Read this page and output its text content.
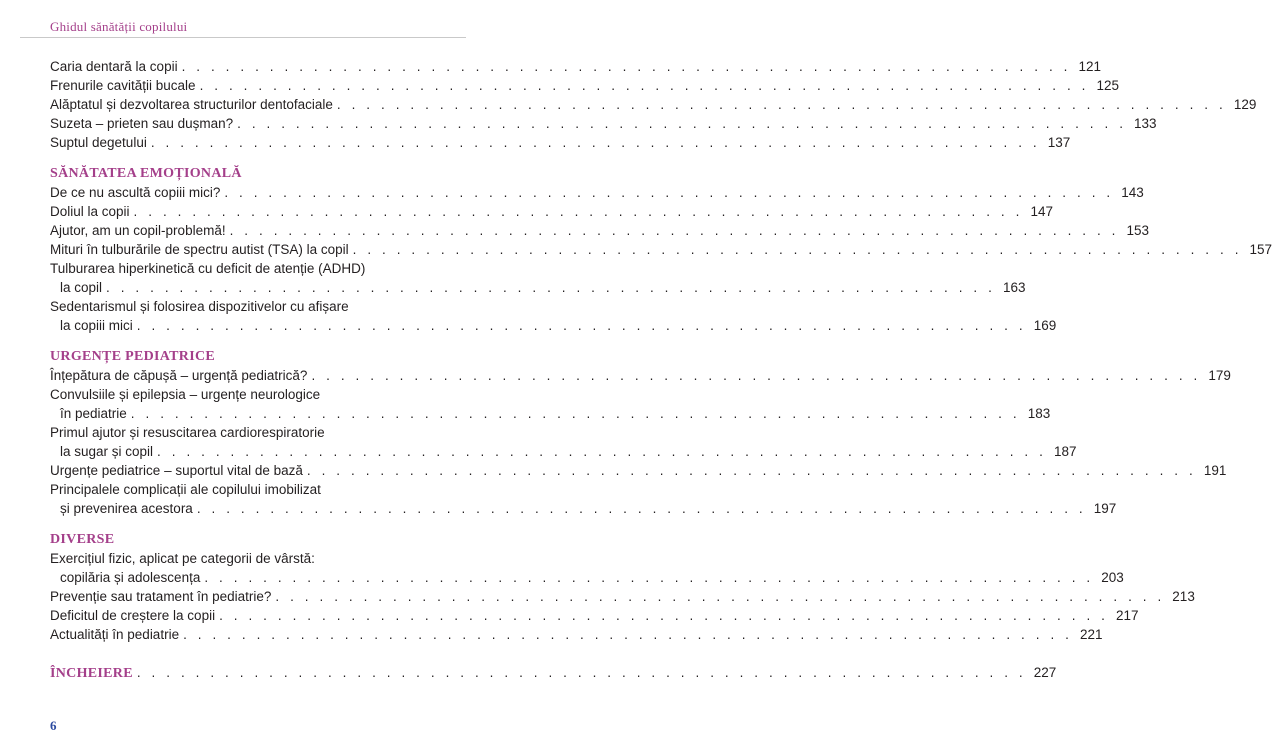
Ghidul sănătății copilului
Caria dentară la copii . . . . . . . . . . . . . . . . . . . . . . . . . . . . . . . . . . . . . . . . . . . . . . . . . . . . . . . . . . . . . 121
Frenurile cavității bucale . . . . . . . . . . . . . . . . . . . . . . . . . . . . . . . . . . . . . . . . . . . . . . . . . . . . . . . . . . . . . 125
Alăptatul și dezvoltarea structurilor dentofaciale . . . . . . . . . . . . . . . . . . . . . . . . . . . . . . . . . . . . . . . . . . . . . . . . . . . . . . . . . . . . . 129
Suzeta – prieten sau dușman? . . . . . . . . . . . . . . . . . . . . . . . . . . . . . . . . . . . . . . . . . . . . . . . . . . . . . . . . . . . . . 133
Suptul degetului . . . . . . . . . . . . . . . . . . . . . . . . . . . . . . . . . . . . . . . . . . . . . . . . . . . . . . . . . . . . . 137
SĂNĂTATEA EMOȚIONALĂ
De ce nu ascultă copiii mici? . . . . . . . . . . . . . . . . . . . . . . . . . . . . . . . . . . . . . . . . . . . . . . . . . . . . . . . . . . . . . 143
Doliul la copii . . . . . . . . . . . . . . . . . . . . . . . . . . . . . . . . . . . . . . . . . . . . . . . . . . . . . . . . . . . . . 147
Ajutor, am un copil-problemă! . . . . . . . . . . . . . . . . . . . . . . . . . . . . . . . . . . . . . . . . . . . . . . . . . . . . . . . . . . . . . 153
Mituri în tulburările de spectru autist (TSA) la copil . . . . . . . . . . . . . . . . . . . . . . . . . . . . . . . . . . . . . . . . . . . . . . . . . . . . . . . . . . . . . 157
Tulburarea hiperkinetică cu deficit de atenție (ADHD)
la copil . . . . . . . . . . . . . . . . . . . . . . . . . . . . . . . . . . . . . . . . . . . . . . . . . . . . . . . . . . . . . 163
Sedentarismul și folosirea dispozitivelor cu afișare
la copiii mici . . . . . . . . . . . . . . . . . . . . . . . . . . . . . . . . . . . . . . . . . . . . . . . . . . . . . . . . . . . . . 169
URGENȚE PEDIATRICE
Înțepătura de căpușă – urgență pediatrică? . . . . . . . . . . . . . . . . . . . . . . . . . . . . . . . . . . . . . . . . . . . . . . . . . . . . . . . . . . . . . 179
Convulsiile și epilepsia – urgențe neurologice
în pediatrie . . . . . . . . . . . . . . . . . . . . . . . . . . . . . . . . . . . . . . . . . . . . . . . . . . . . . . . . . . . . . 183
Primul ajutor și resuscitarea cardiorespiratorie
la sugar și copil . . . . . . . . . . . . . . . . . . . . . . . . . . . . . . . . . . . . . . . . . . . . . . . . . . . . . . . . . . . . . 187
Urgențe pediatrice – suportul vital de bază . . . . . . . . . . . . . . . . . . . . . . . . . . . . . . . . . . . . . . . . . . . . . . . . . . . . . . . . . . . . . 191
Principalele complicații ale copilului imobilizat
și prevenirea acestora . . . . . . . . . . . . . . . . . . . . . . . . . . . . . . . . . . . . . . . . . . . . . . . . . . . . . . . . . . . . . 197
DIVERSE
Exercițiul fizic, aplicat pe categorii de vârstă:
copilăria și adolescența . . . . . . . . . . . . . . . . . . . . . . . . . . . . . . . . . . . . . . . . . . . . . . . . . . . . . . . . . . . . . 203
Prevenție sau tratament în pediatrie? . . . . . . . . . . . . . . . . . . . . . . . . . . . . . . . . . . . . . . . . . . . . . . . . . . . . . . . . . . . . . 213
Deficitul de creștere la copii . . . . . . . . . . . . . . . . . . . . . . . . . . . . . . . . . . . . . . . . . . . . . . . . . . . . . . . . . . . . . 217
Actualități în pediatrie . . . . . . . . . . . . . . . . . . . . . . . . . . . . . . . . . . . . . . . . . . . . . . . . . . . . . . . . . . . . . 221
ÎNCHEIERE . . . . . . . . . . . . . . . . . . . . . . . . . . . . . . . . . . . . . . . . . . . . . . . . . . . . . . . . . . . . . 227
6
